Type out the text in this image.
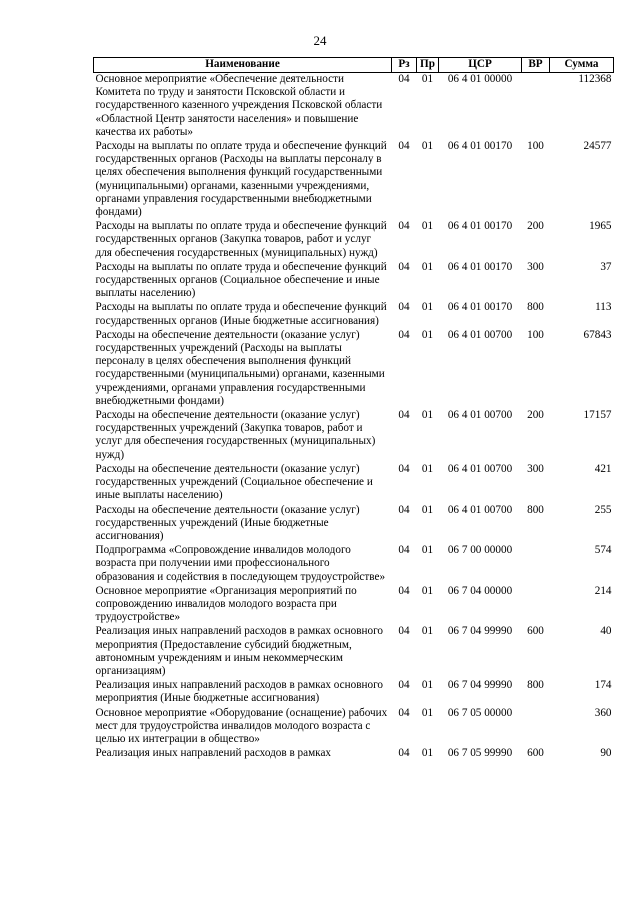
24
Наименование	Рз	Пр	ЦСР	ВР	Сумма
Основное мероприятие «Обеспечение деятельности Комитета по труду и занятости Псковской области и государственного казенного учреждения Псковской области «Областной Центр занятости населения» и повышение качества их работы»	04	01	06 4 01 00000		112368
Расходы на выплаты по оплате труда и обеспечение функций государственных органов (Расходы на выплаты персоналу в целях обеспечения выполнения функций государственными (муниципальными) органами, казенными учреждениями, органами управления государственными внебюджетными фондами)	04	01	06 4 01 00170	100	24577
Расходы на выплаты по оплате труда и обеспечение функций государственных органов (Закупка товаров, работ и услуг для обеспечения государственных (муниципальных) нужд)	04	01	06 4 01 00170	200	1965
Расходы на выплаты по оплате труда и обеспечение функций государственных органов (Социальное обеспечение и иные выплаты населению)	04	01	06 4 01 00170	300	37
Расходы на выплаты по оплате труда и обеспечение функций государственных органов (Иные бюджетные ассигнования)	04	01	06 4 01 00170	800	113
Расходы на обеспечение деятельности (оказание услуг) государственных учреждений (Расходы на выплаты персоналу в целях обеспечения выполнения функций государственными (муниципальными) органами, казенными учреждениями, органами управления государственными внебюджетными фондами)	04	01	06 4 01 00700	100	67843
Расходы на обеспечение деятельности (оказание услуг) государственных учреждений (Закупка товаров, работ и услуг для обеспечения государственных (муниципальных) нужд)	04	01	06 4 01 00700	200	17157
Расходы на обеспечение деятельности (оказание услуг) государственных учреждений (Социальное обеспечение и иные выплаты населению)	04	01	06 4 01 00700	300	421
Расходы на обеспечение деятельности (оказание услуг) государственных учреждений (Иные бюджетные ассигнования)	04	01	06 4 01 00700	800	255
Подпрограмма «Сопровождение инвалидов молодого возраста при получении ими профессионального образования и содействия в последующем трудоустройстве»	04	01	06 7 00 00000		574
Основное мероприятие «Организация мероприятий по сопровождению инвалидов молодого возраста при трудоустройстве»	04	01	06 7 04 00000		214
Реализация иных направлений расходов в рамках основного мероприятия (Предоставление субсидий бюджетным, автономным учреждениям и иным некоммерческим организациям)	04	01	06 7 04 99990	600	40
Реализация иных направлений расходов в рамках основного мероприятия (Иные бюджетные ассигнования)	04	01	06 7 04 99990	800	174
Основное мероприятие «Оборудование (оснащение) рабочих мест для трудоустройства инвалидов молодого возраста с целью их интеграции в общество»	04	01	06 7 05 00000		360
Реализация иных направлений расходов в рамках	04	01	06 7 05 99990	600	90
